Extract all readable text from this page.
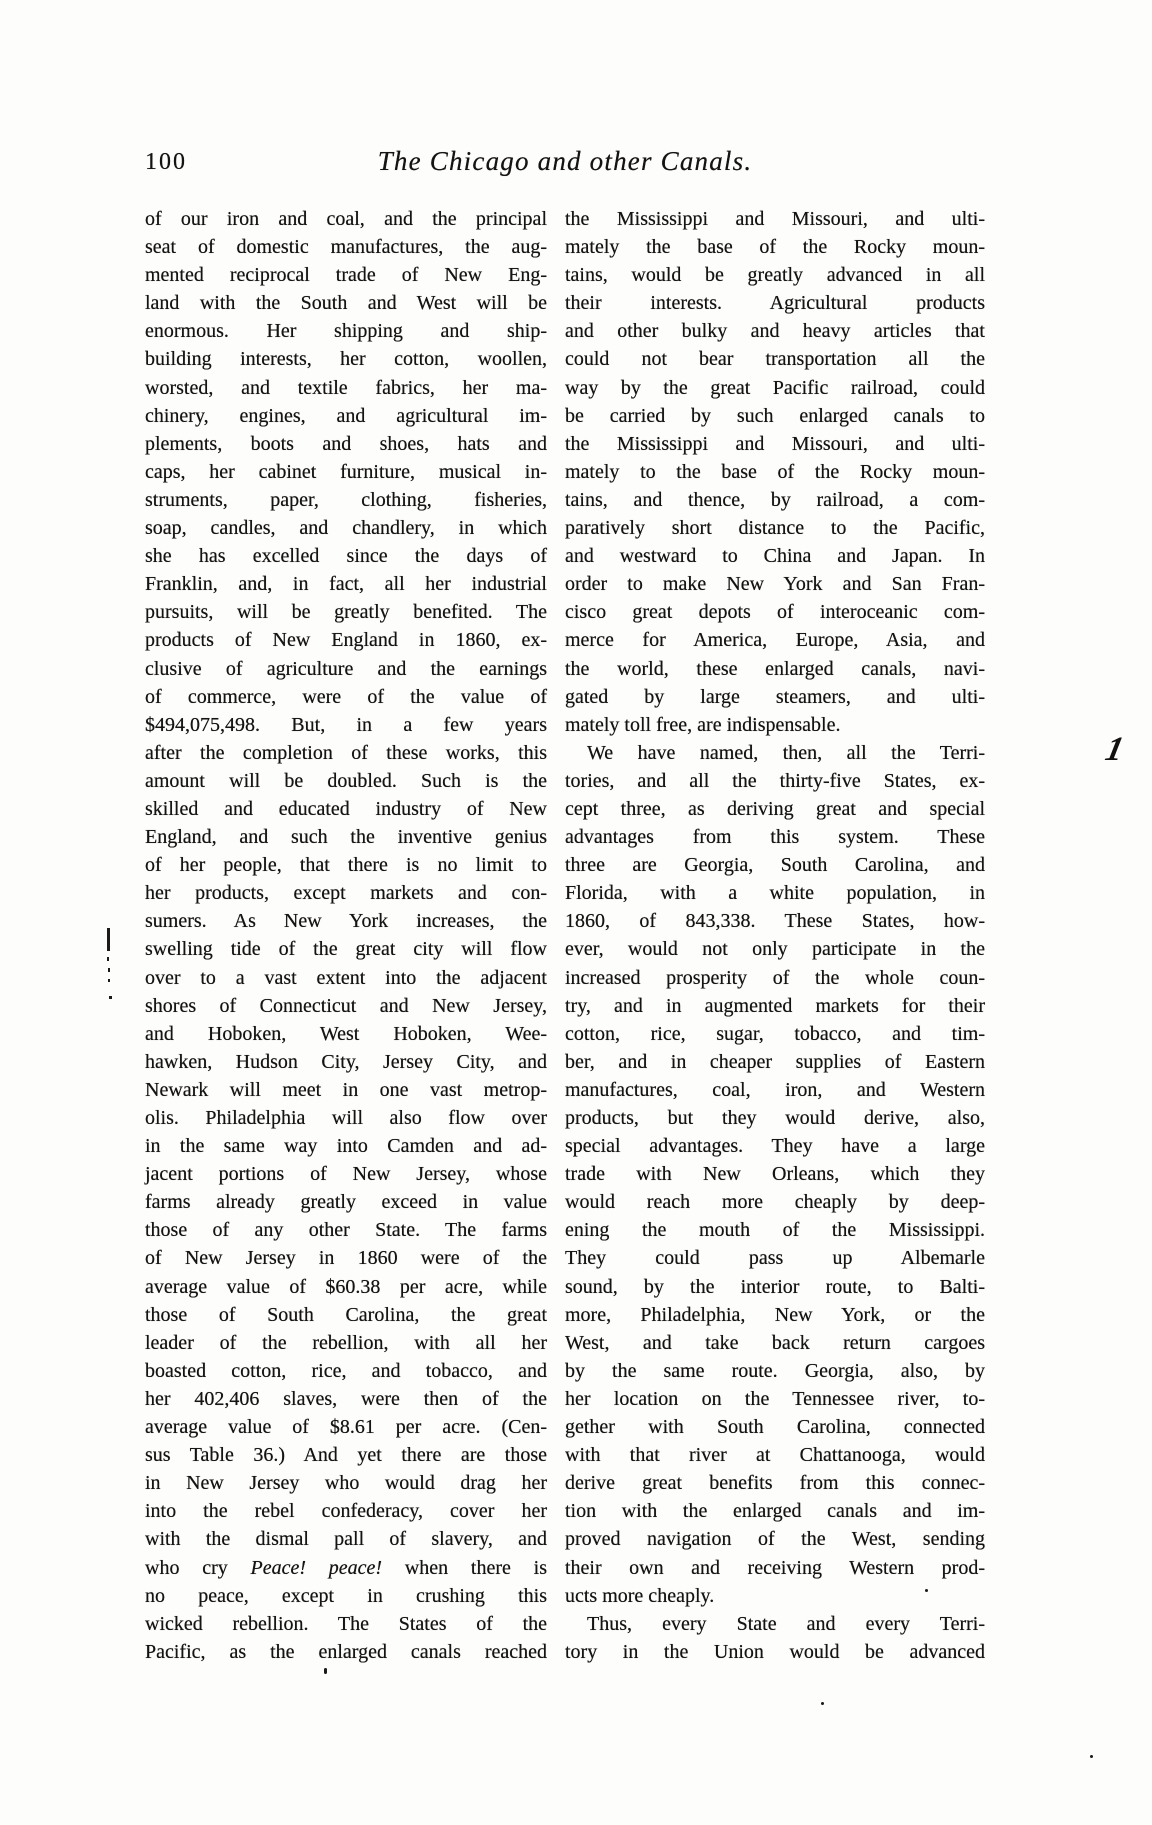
100	The Chicago and other Canals.
of our iron and coal, and the principal
seat of domestic manufactures, the aug-
mented reciprocal trade of New Eng-
land with the South and West will be
enormous. Her shipping and ship-
building interests, her cotton, woollen,
worsted, and textile fabrics, her ma-
chinery, engines, and agricultural im-
plements, boots and shoes, hats and
caps, her cabinet furniture, musical in-
struments, paper, clothing, fisheries,
soap, candles, and chandlery, in which
she has excelled since the days of
Franklin, and, in fact, all her industrial
pursuits, will be greatly benefited. The
products of New England in 1860, ex-
clusive of agriculture and the earnings
of commerce, were of the value of
$494,075,498. But, in a few years
after the completion of these works, this
amount will be doubled. Such is the
skilled and educated industry of New
England, and such the inventive genius
of her people, that there is no limit to
her products, except markets and con-
sumers. As New York increases, the
swelling tide of the great city will flow
over to a vast extent into the adjacent
shores of Connecticut and New Jersey,
and Hoboken, West Hoboken, Wee-
hawken, Hudson City, Jersey City, and
Newark will meet in one vast metrop-
olis. Philadelphia will also flow over
in the same way into Camden and ad-
jacent portions of New Jersey, whose
farms already greatly exceed in value
those of any other State. The farms
of New Jersey in 1860 were of the
average value of $60.38 per acre, while
those of South Carolina, the great
leader of the rebellion, with all her
boasted cotton, rice, and tobacco, and
her 402,406 slaves, were then of the
average value of $8.61 per acre. (Cen-
sus Table 36.) And yet there are those
in New Jersey who would drag her
into the rebel confederacy, cover her
with the dismal pall of slavery, and
who cry Peace! peace! when there is
no peace, except in crushing this
wicked rebellion. The States of the
Pacific, as the enlarged canals reached
the Mississippi and Missouri, and ulti-
mately the base of the Rocky moun-
tains, would be greatly advanced in all
their interests. Agricultural products
and other bulky and heavy articles that
could not bear transportation all the
way by the great Pacific railroad, could
be carried by such enlarged canals to
the Mississippi and Missouri, and ulti-
mately to the base of the Rocky moun-
tains, and thence, by railroad, a com-
paratively short distance to the Pacific,
and westward to China and Japan. In
order to make New York and San Fran-
cisco great depots of interoceanic com-
merce for America, Europe, Asia, and
the world, these enlarged canals, navi-
gated by large steamers, and ulti-
mately toll free, are indispensable.
We have named, then, all the Terri-
tories, and all the thirty-five States, ex-
cept three, as deriving great and special
advantages from this system. These
three are Georgia, South Carolina, and
Florida, with a white population, in
1860, of 843,338. These States, how-
ever, would not only participate in the
increased prosperity of the whole coun-
try, and in augmented markets for their
cotton, rice, sugar, tobacco, and tim-
ber, and in cheaper supplies of Eastern
manufactures, coal, iron, and Western
products, but they would derive, also,
special advantages. They have a large
trade with New Orleans, which they
would reach more cheaply by deep-
ening the mouth of the Mississippi.
They could pass up Albemarle
sound, by the interior route, to Balti-
more, Philadelphia, New York, or the
West, and take back return cargoes
by the same route. Georgia, also, by
her location on the Tennessee river, to-
gether with South Carolina, connected
with that river at Chattanooga, would
derive great benefits from this connec-
tion with the enlarged canals and im-
proved navigation of the West, sending
their own and receiving Western prod-
ucts more cheaply.
Thus, every State and every Terri-
tory in the Union would be advanced
1
